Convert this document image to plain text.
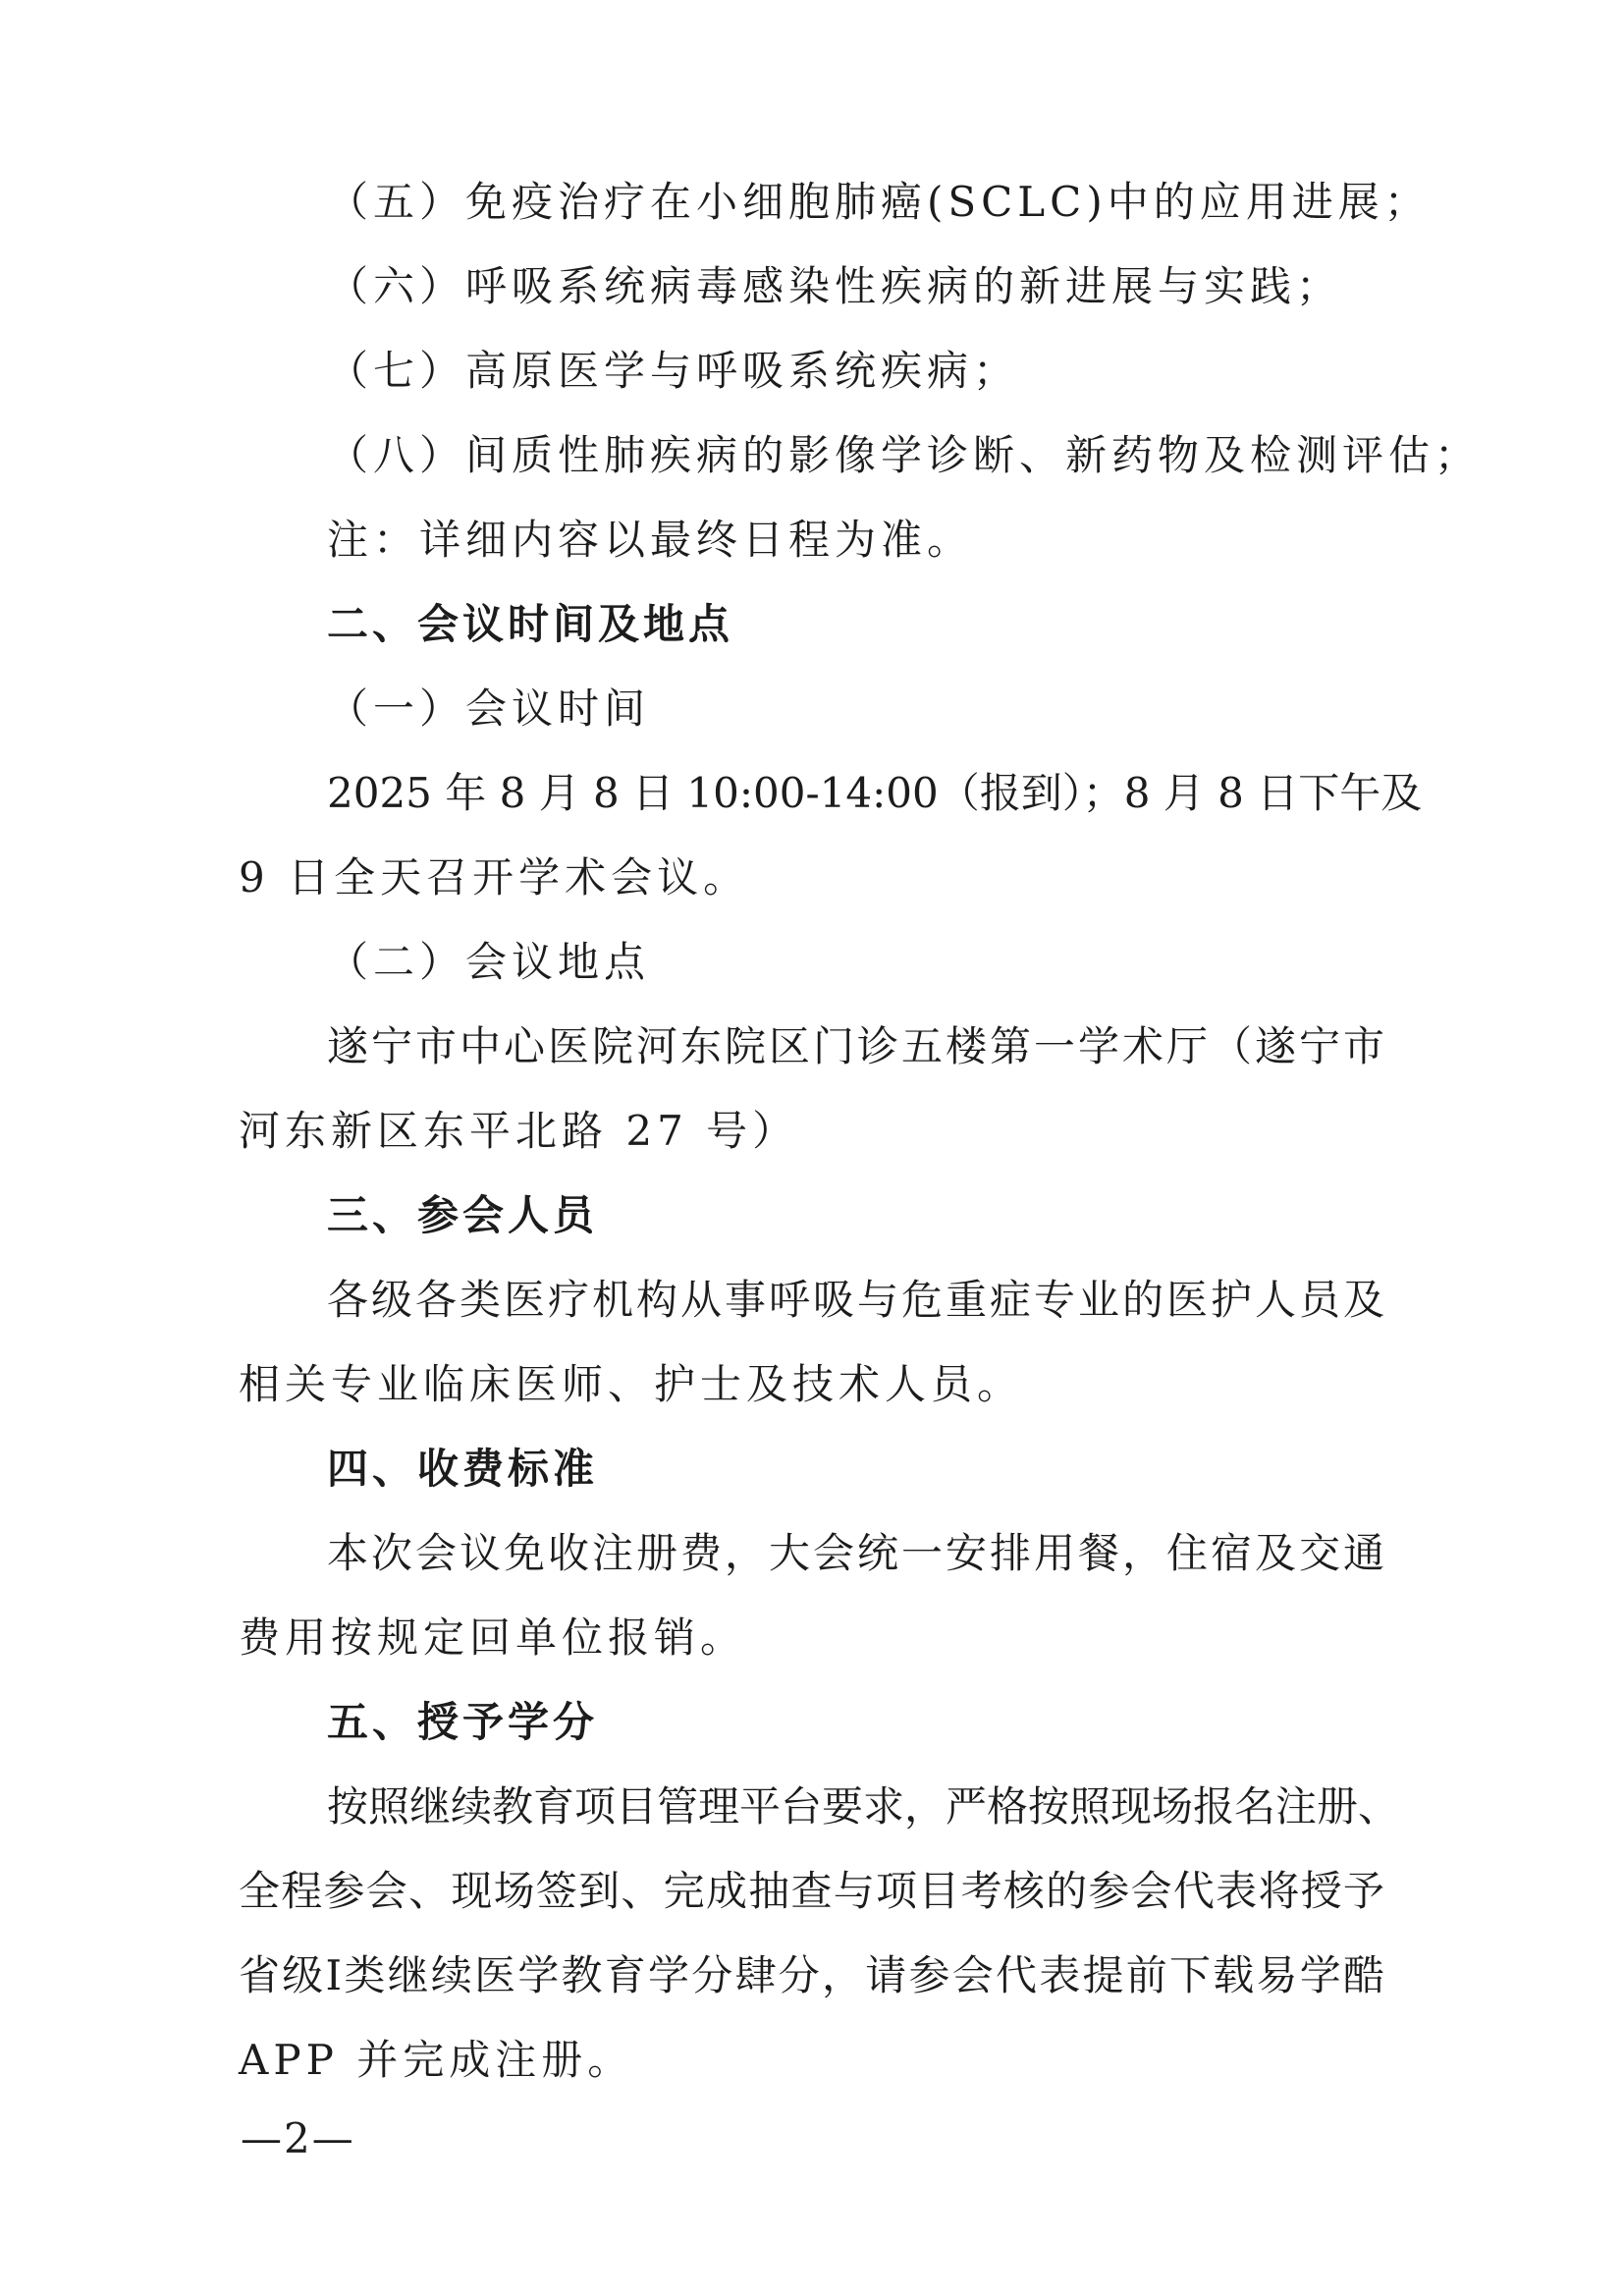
（五）免疫治疗在小细胞肺癌(SCLC)中的应用进展；
（六）呼吸系统病毒感染性疾病的新进展与实践；
（七）高原医学与呼吸系统疾病；
（八）间质性肺疾病的影像学诊断、新药物及检测评估；
注：详细内容以最终日程为准。
二、会议时间及地点
（一）会议时间
2025 年 8 月 8 日 10:00-14:00（报到）；8 月 8 日下午及
9 日全天召开学术会议。
（二）会议地点
遂宁市中心医院河东院区门诊五楼第一学术厅（遂宁市
河东新区东平北路 27 号）
三、参会人员
各级各类医疗机构从事呼吸与危重症专业的医护人员及
相关专业临床医师、护士及技术人员。
四、收费标准
本次会议免收注册费，大会统一安排用餐，住宿及交通
费用按规定回单位报销。
五、授予学分
按照继续教育项目管理平台要求，严格按照现场报名注册、
全程参会、现场签到、完成抽查与项目考核的参会代表将授予
省级Ⅰ类继续医学教育学分肆分，请参会代表提前下载易学酷
APP 并完成注册。
—2—
